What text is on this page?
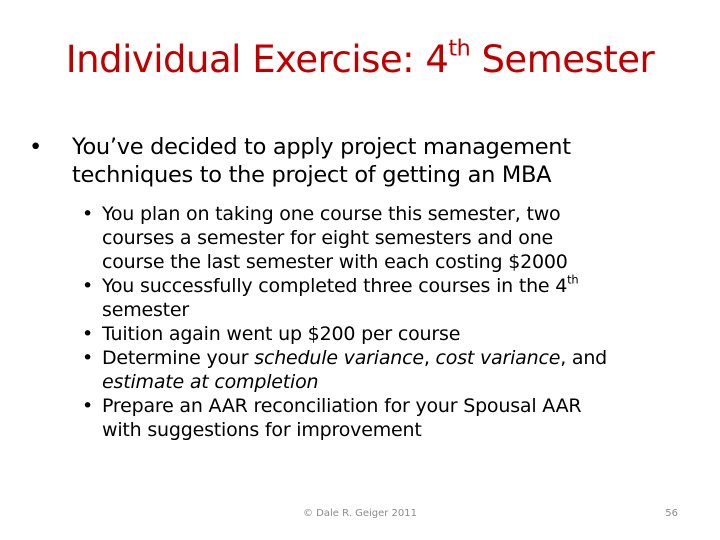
Individual Exercise: 4th Semester
• You’ve decided to apply project management
techniques to the project of getting an MBA
• You plan on taking one course this semester, two
courses a semester for eight semesters and one
course the last semester with each costing $2000
• You successfully completed three courses in the 4th
semester
• Tuition again went up $200 per course
• Determine your schedule variance, cost variance, and
estimate at completion
• Prepare an AAR reconciliation for your Spousal AAR
with suggestions for improvement
© Dale R. Geiger 2011	56
